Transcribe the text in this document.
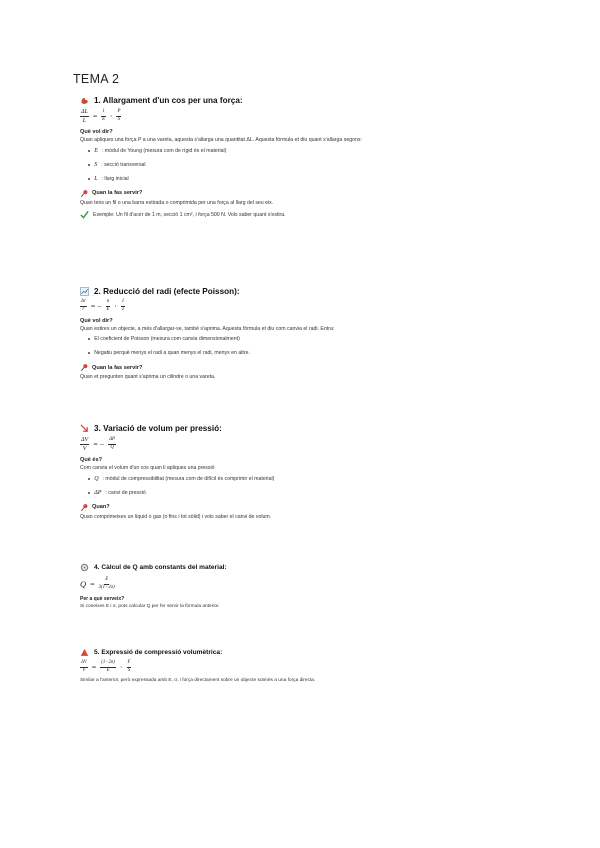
TEMA 2
1. Allargament d'un cos per una força:
$\frac{\Delta L}{L} = \frac{1}{E} \cdot \frac{P}{S}$
Què vol dir?
Quan apliques una força P a una vareta, aquesta s'allarga una quantitat ΔL. Aquesta fórmula et diu quant s'allarga segons:
E : mòdul de Young (mesura com de rígid és el material)
S : secció transversal
L : llarg inicial
Quan la fas servir?
Quan tens un fil o una barra estirada o comprimida per una força al llarg del seu eix.
Exemple: Un fil d'acer de 1 m, secció 1 cm², i força 500 N. Vols saber quant s'estira.
2. Reducció del radi (efecte Poisson):
$\frac{\Delta r}{r}$ = − $\frac{\sigma}{E} \cdot \frac{1}{2}$
Què vol dir?
Quan estires un objecte, a més d'allargar-se, també s'aprima. Aquesta fórmula et diu com canvia el radi. Entra:
El coeficient de Poisson (mesura com canvia dimensionalment)
Negatiu perquè menys el radi a quan menys el radi, menys en altre.
Quan la fas servir?
Quan et pregunten quant s'aprima un cilindre o una vareta.
3. Variació de volum per pressió:
$\frac{\Delta V}{V}$ = − $\frac{\Delta P}{Q}$
Què és?
Com canvia el volum d'un cos quan li apliques una pressió
Q : mòdul de compressibilitat (mesura com de difícil és comprimir el material)
ΔP : canvi de pressió
Quan?
Quan comprimeixes un líquid o gas (o fins i tot sòlid) i vols saber el canvi de volum.
4. Càlcul de Q amb constants del material:
$Q = \frac{E}{3(1-2\sigma)}$
Per a què serveix?
Si coneixes E i σ, pots calcular Q per fer servir la fórmula anterior.
5. Expressió de compressió volumètrica:
$\frac{\Delta V}{V} = \frac{(1-2\sigma)}{E} \cdot \frac{F}{S}$
Similar a l'anterior, però expressada amb E, σ, i força directament sobre un objecte sotmès a una força directa.
